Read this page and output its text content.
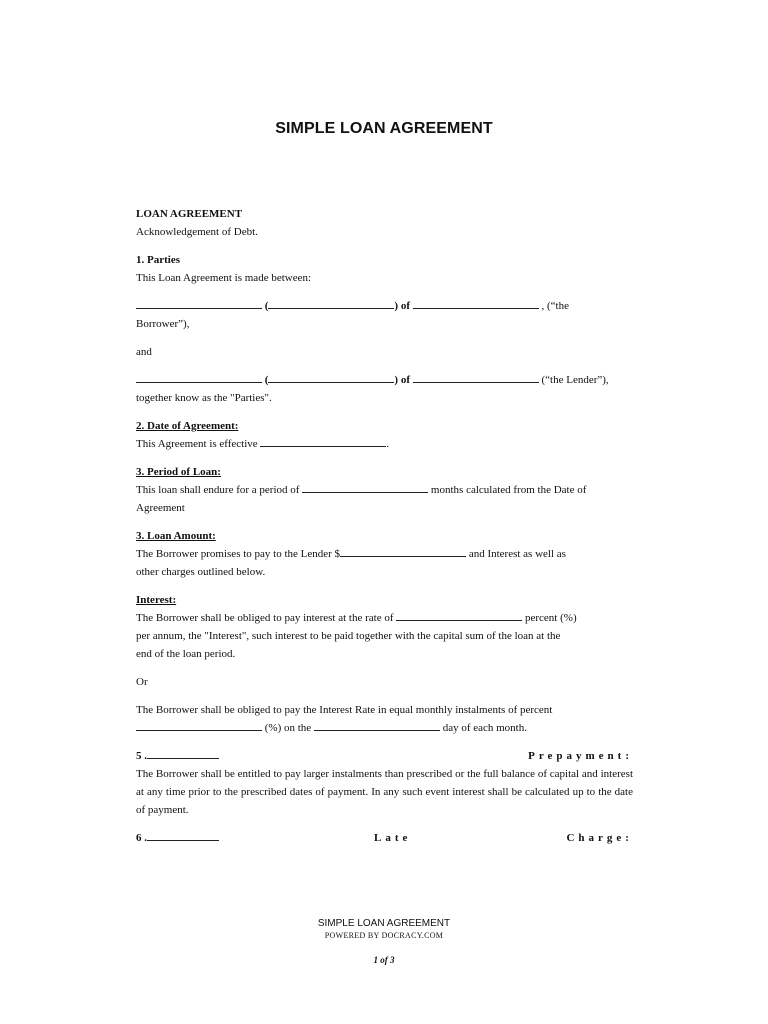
SIMPLE LOAN AGREEMENT

LOAN AGREEMENT

Acknowledgement of Debt.

1. Parties

This Loan Agreement is made between:

(	) of	, (“the

Borrower”),

and

(	) of	(“the Lender”),

together know as the "Parties".

2. Date of Agreement:

This Agreement is effective	.

3. Period of Loan:

This loan shall endure for a period of	months calculated from the Date of

Agreement

3. Loan Amount:

The Borrower promises to pay to the Lender $	and Interest as well as

other charges outlined below.

Interest:

The Borrower shall be obliged to pay interest at the rate of	percent (%)

per annum, the "Interest", such interest to be paid together with the capital sum of the loan at the

end of the loan period.

Or

The Borrower shall be obliged to pay the Interest Rate in equal monthly instalments of percent

(%) on the	day of each month.

5 .	Prepayment:

The Borrower shall be entitled to pay larger instalments than prescribed or the full balance of capital and interest at any time prior to the prescribed dates of payment. In any such event interest shall be calculated up to the date of payment.

6 .	Late	Charge:
SIMPLE LOAN AGREEMENT
POWERED BY DOCRACY.COM
1 of 3
